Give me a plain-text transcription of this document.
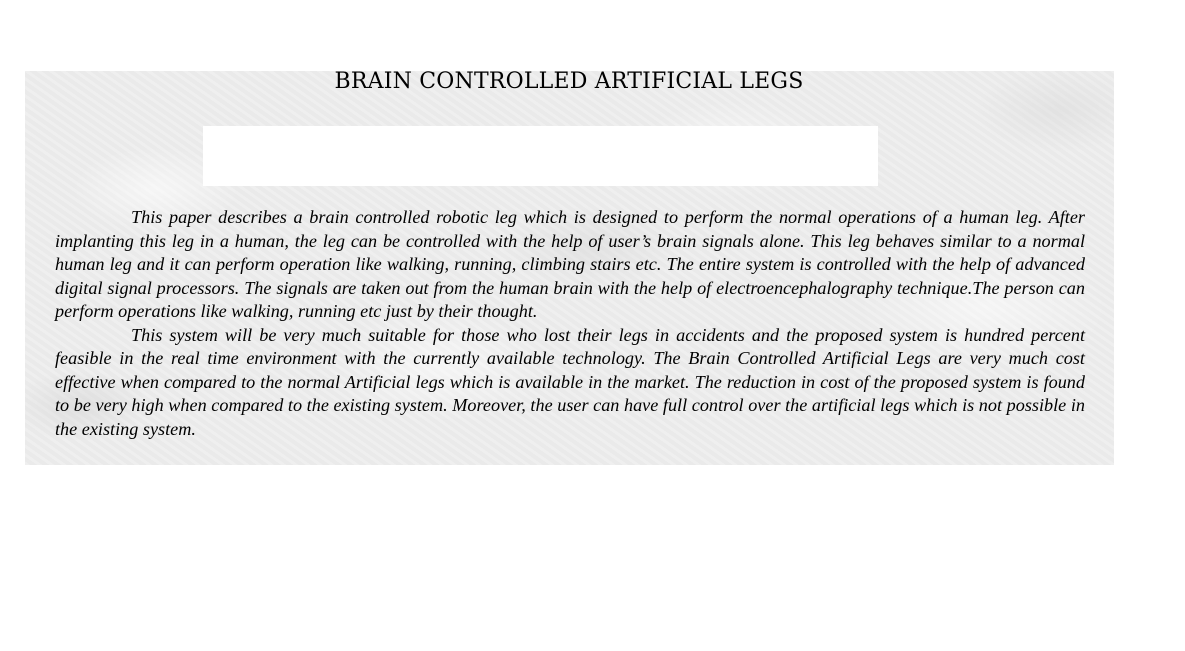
BRAIN CONTROLLED ARTIFICIAL LEGS

This paper describes a brain controlled robotic leg which is designed to perform the normal operations of a human leg. After implanting this leg in a human, the leg can be controlled with the help of user’s brain signals alone. This leg behaves similar to a normal human leg and it can perform operation like walking, running, climbing stairs etc. The entire system is controlled with the help of advanced digital signal processors. The signals are taken out from the human brain with the help of electroencephalography technique.The person can perform operations like walking, running etc just by their thought.

This system will be very much suitable for those who lost their legs in accidents and the proposed system is hundred percent feasible in the real time environment with the currently available technology. The Brain Controlled Artificial Legs are very much cost effective when compared to the normal Artificial legs which is available in the market. The reduction in cost of the proposed system is found to be very high when compared to the existing system. Moreover, the user can have full control over the artificial legs which is not possible in the existing system.
